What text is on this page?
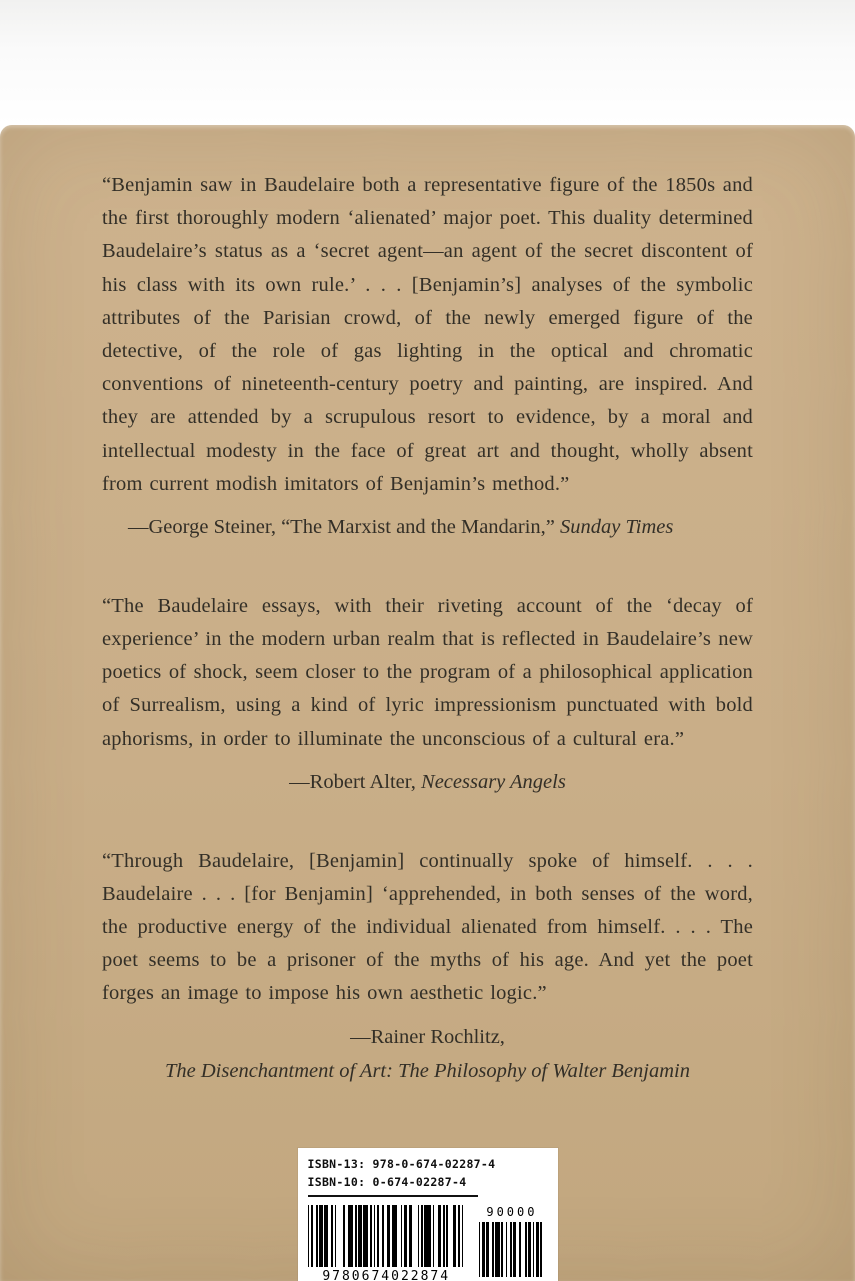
“Benjamin saw in Baudelaire both a representative figure of the 1850s and the first thoroughly modern ‘alienated’ major poet. This duality determined Baudelaire’s status as a ‘secret agent—an agent of the secret discontent of his class with its own rule.’ . . . [Benjamin’s] analyses of the symbolic attributes of the Parisian crowd, of the newly emerged figure of the detective, of the role of gas lighting in the optical and chromatic conventions of nineteenth-century poetry and painting, are inspired. And they are attended by a scrupulous resort to evidence, by a moral and intellectual modesty in the face of great art and thought, wholly absent from current modish imitators of Benjamin’s method.”

—George Steiner, “The Marxist and the Mandarin,” Sunday Times

“The Baudelaire essays, with their riveting account of the ‘decay of experience’ in the modern urban realm that is reflected in Baudelaire’s new poetics of shock, seem closer to the program of a philosophical application of Surrealism, using a kind of lyric impressionism punctuated with bold aphorisms, in order to illuminate the unconscious of a cultural era.”

—Robert Alter, Necessary Angels

“Through Baudelaire, [Benjamin] continually spoke of himself. . . . Baudelaire . . . [for Benjamin] ‘apprehended, in both senses of the word, the productive energy of the individual alienated from himself. . . . The poet seems to be a prisoner of the myths of his age. And yet the poet forges an image to impose his own aesthetic logic.”

—Rainer Rochlitz,

The Disenchantment of Art: The Philosophy of Walter Benjamin

ISBN-13: 978-0-674-02287-4
ISBN-10: 0-674-02287-4
9780674022874
90000
